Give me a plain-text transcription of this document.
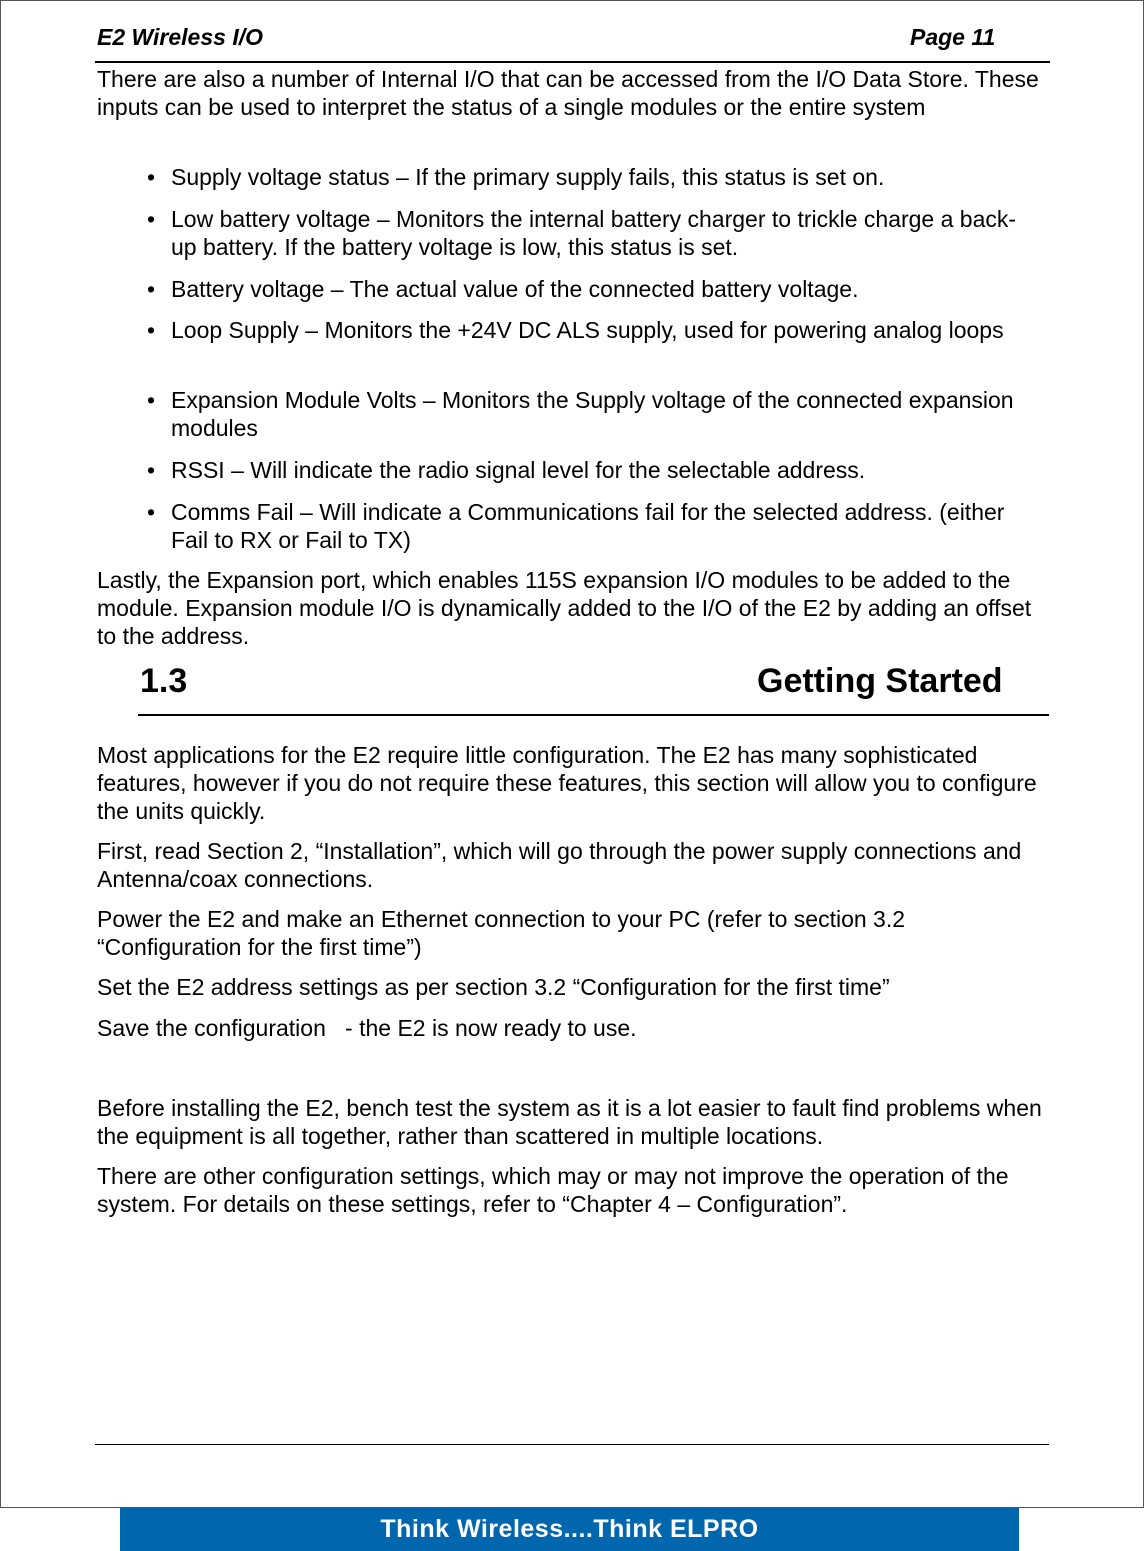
E2 Wireless I/O	Page 11

There are also a number of Internal I/O that can be accessed from the I/O Data Store. These inputs can be used to interpret the status of a single modules or the entire system

• Supply voltage status – If the primary supply fails, this status is set on.
• Low battery voltage – Monitors the internal battery charger to trickle charge a back-up battery. If the battery voltage is low, this status is set.
• Battery voltage – The actual value of the connected battery voltage.
• Loop Supply – Monitors the +24V DC ALS supply, used for powering analog loops
• Expansion Module Volts – Monitors the Supply voltage of the connected expansion modules
• RSSI – Will indicate the radio signal level for the selectable address.
• Comms Fail – Will indicate a Communications fail for the selected address. (either Fail to RX or Fail to TX)

Lastly, the Expansion port, which enables 115S expansion I/O modules to be added to the module. Expansion module I/O is dynamically added to the I/O of the E2 by adding an offset to the address.

1.3	Getting Started

Most applications for the E2 require little configuration. The E2 has many sophisticated features, however if you do not require these features, this section will allow you to configure the units quickly.

First, read Section 2, “Installation”, which will go through the power supply connections and Antenna/coax connections.

Power the E2 and make an Ethernet connection to your PC (refer to section 3.2 “Configuration for the first time”)

Set the E2 address settings as per section 3.2 “Configuration for the first time”

Save the configuration   - the E2 is now ready to use.

Before installing the E2, bench test the system as it is a lot easier to fault find problems when the equipment is all together, rather than scattered in multiple locations.

There are other configuration settings, which may or may not improve the operation of the system. For details on these settings, refer to “Chapter 4 – Configuration”.

Think Wireless....Think ELPRO
